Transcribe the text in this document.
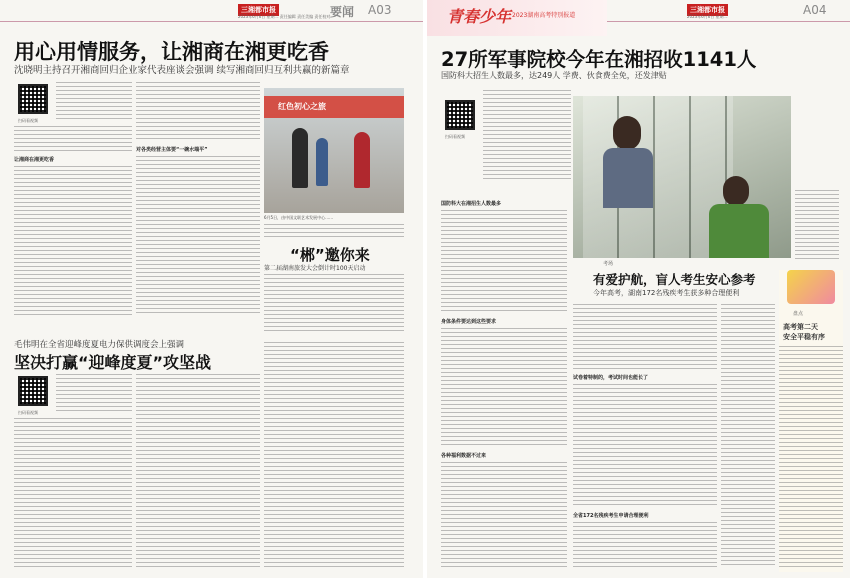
三湘都市报
2023年6月6日 星期二 责任编辑 责任美编 责任校对 要闻 A03
用心用情服务，让湘商在湘更吃香
沈晓明主持召开湘商回归企业家代表座谈会强调 续写湘商回归互利共赢的新篇章
扫码看视频
让湘商在湘更吃香
对各类经营主体要“一碗水端平”
红色初心之旅
6月5日，由中国文联艺术发展中心……
“郴”邀你来
第二届湖南旅发大会倒计时100天启动
毛伟明在全省迎峰度夏电力保供调度会上强调
坚决打赢“迎峰度夏”攻坚战
扫码看视频
青春少年 2023湖南高考特别报道
三湘都市报
2023年6月6日 星期二	A04
27所军事院校今年在湘招收1141人
国防科大招生人数最多，达249人 学费、伙食费全免，还发津贴
扫码看视频
国防科大在湘招生人数最多
身体条件要达到这些要求
各种福利数据不过来
考场
有爱护航，盲人考生安心参考
今年高考，湖南172名残疾考生获多种合理便利
试卷着特制的，考试时间也能长了
全省172名残疾考生申请合理便利
盘点
高考第二天
安全平稳有序
